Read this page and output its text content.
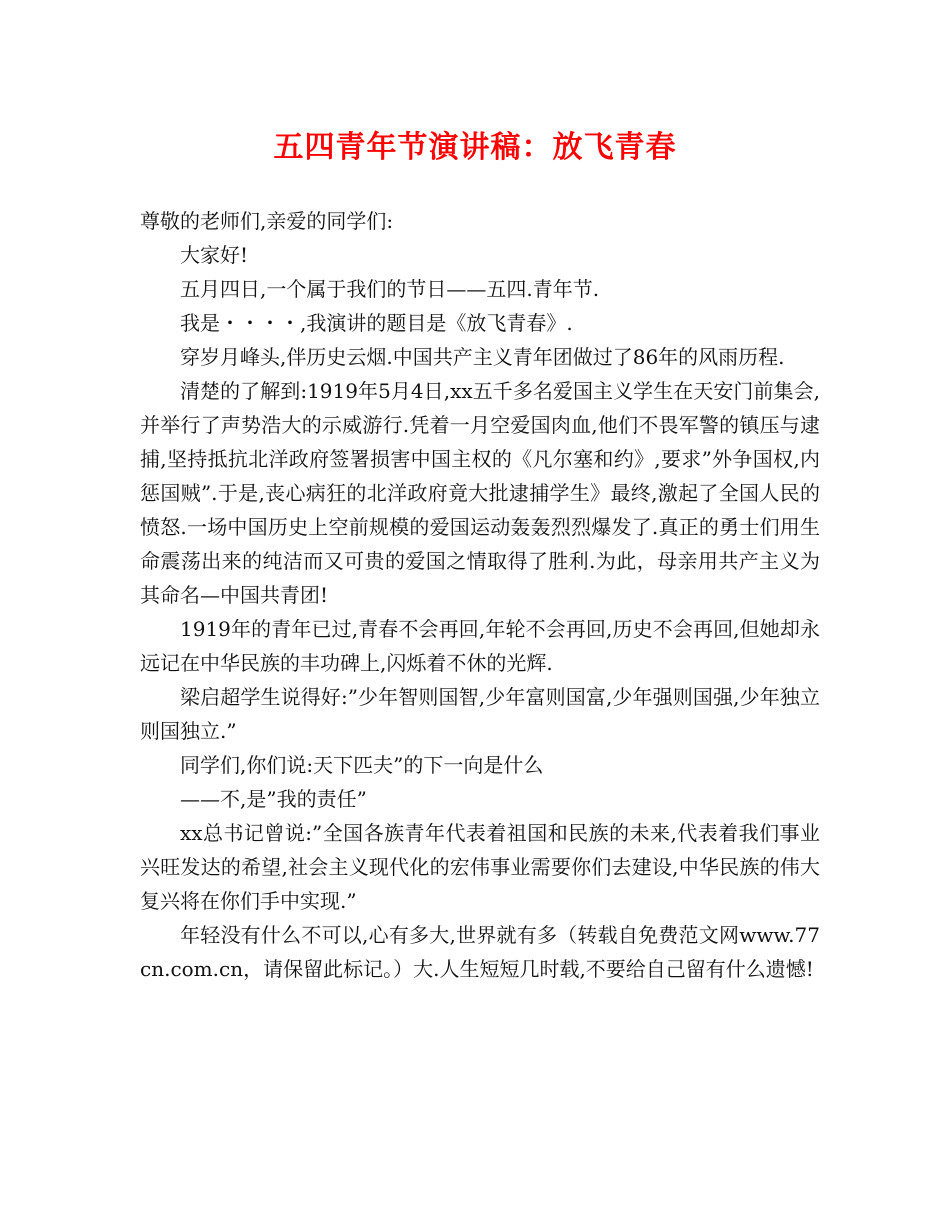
五四青年节演讲稿：放飞青春

尊敬的老师们,亲爱的同学们:

大家好!

五月四日,一个属于我们的节日——五四.青年节.

我是・・・・,我演讲的题目是《放飞青春》.

穿岁月峰头,伴历史云烟.中国共产主义青年团做过了86年的风雨历程.

清楚的了解到:1919年5月4日,xx五千多名爱国主义学生在天安门前集会,并举行了声势浩大的示威游行.凭着一月空爱国肉血,他们不畏军警的镇压与逮捕,坚持抵抗北洋政府签署损害中国主权的《凡尔塞和约》,要求”外争国权,内惩国贼”.于是,丧心病狂的北洋政府竟大批逮捕学生》最终,激起了全国人民的愤怒.一场中国历史上空前规模的爱国运动轰轰烈烈爆发了.真正的勇士们用生命震荡出来的纯洁而又可贵的爱国之情取得了胜利.为此，母亲用共产主义为其命名—中国共青团!

1919年的青年已过,青春不会再回,年轮不会再回,历史不会再回,但她却永远记在中华民族的丰功碑上,闪烁着不休的光辉.

梁启超学生说得好:”少年智则国智,少年富则国富,少年强则国强,少年独立则国独立.”

同学们,你们说:天下匹夫”的下一向是什么

——不,是”我的责任”

xx总书记曾说:”全国各族青年代表着祖国和民族的未来,代表着我们事业兴旺发达的希望,社会主义现代化的宏伟事业需要你们去建设,中华民族的伟大复兴将在你们手中实现.”

年轻没有什么不可以,心有多大,世界就有多（转载自免费范文网www.77cn.com.cn，请保留此标记。）大.人生短短几时载,不要给自己留有什么遗憾!
